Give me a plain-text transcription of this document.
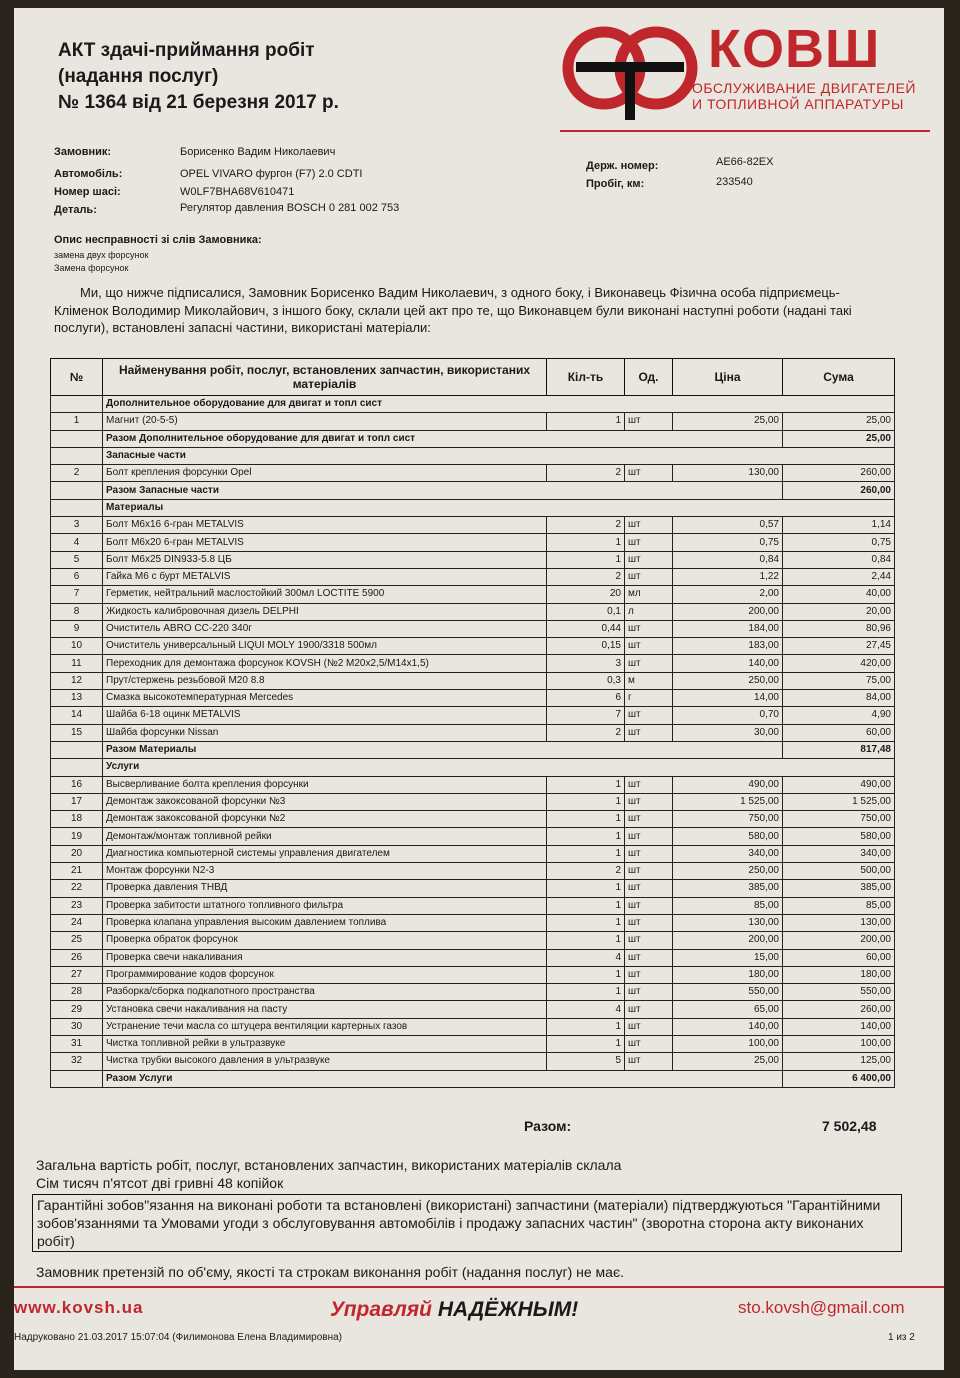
АКТ здачі-приймання робіт
(надання послуг)
№ 1364 від 21 березня 2017 р.
КОВШ
ОБСЛУЖИВАНИЕ ДВИГАТЕЛЕЙ
И ТОПЛИВНОЙ АППАРАТУРЫ
Замовник:	Борисенко Вадим Николаевич
Автомобіль:	OPEL VIVARO фургон (F7) 2.0 CDTI
Номер шасі:	W0LF7BHA68V610471
Деталь:	Регулятор давления BOSCH 0 281 002 753
Держ. номер:	AE66-82EX
Пробіг, км:	233540
Опис несправності зі слів Замовника:
замена двух форсунок
Замена форсунок
Ми, що нижче підписалися, Замовник Борисенко Вадим Николаевич, з одного боку, і Виконавець Фізична особа підприємець-Кліменок Володимир Миколайович, з іншого боку, склали цей акт про те, що Виконавцем були виконані наступні роботи (надані такі послуги), встановлені запасні частини, використані матеріали:
№	Найменування робіт, послуг, встановлених запчастин, використаних матеріалів	Кіл-ть	Од.	Ціна	Сума
	Дополнительное оборудование для двигат и топл сист				
1	Магнит (20-5-5)	1	шт	25,00	25,00
	Разом Дополнительное оборудование для двигат и топл сист				25,00
	Запасные части				
2	Болт крепления форсунки Opel	2	шт	130,00	260,00
	Разом Запасные части				260,00
	Материалы				
3	Болт M6x16 6-гран METALVIS	2	шт	0,57	1,14
4	Болт M6x20 6-гран METALVIS	1	шт	0,75	0,75
5	Болт M6x25 DIN933-5.8 ЦБ	1	шт	0,84	0,84
6	Гайка M6 с бурт METALVIS	2	шт	1,22	2,44
7	Герметик, нейтральний маслостойкий 300мл LOCTITE 5900	20	мл	2,00	40,00
8	Жидкость калибровочная дизель DELPHI	0,1	л	200,00	20,00
9	Очиститель ABRO CC-220 340г	0,44	шт	184,00	80,96
10	Очиститель универсальный LIQUI MOLY 1900/3318 500мл	0,15	шт	183,00	27,45
11	Переходник для демонтажа форсунок KOVSH (№2 M20x2,5/M14x1,5)	3	шт	140,00	420,00
12	Прут/стержень резьбовой M20 8.8	0,3	м	250,00	75,00
13	Смазка высокотемпературная Mercedes	6	г	14,00	84,00
14	Шайба 6-18 оцинк METALVIS	7	шт	0,70	4,90
15	Шайба форсунки Nissan	2	шт	30,00	60,00
	Разом Материалы				817,48
	Услуги				
16	Высверливание болта крепления форсунки	1	шт	490,00	490,00
17	Демонтаж закоксованой форсунки №3	1	шт	1 525,00	1 525,00
18	Демонтаж закоксованой форсунки №2	1	шт	750,00	750,00
19	Демонтаж/монтаж топливной рейки	1	шт	580,00	580,00
20	Диагностика компьютерной системы управления двигателем	1	шт	340,00	340,00
21	Монтаж форсунки N2-3	2	шт	250,00	500,00
22	Проверка давления ТНВД	1	шт	385,00	385,00
23	Проверка забитости штатного топливного фильтра	1	шт	85,00	85,00
24	Проверка клапана управления высоким давлением топлива	1	шт	130,00	130,00
25	Проверка обраток форсунок	1	шт	200,00	200,00
26	Проверка свечи накаливания	4	шт	15,00	60,00
27	Программирование кодов форсунок	1	шт	180,00	180,00
28	Разборка/сборка подкапотного пространства	1	шт	550,00	550,00
29	Установка свечи накаливания на пасту	4	шт	65,00	260,00
30	Устранение течи масла со штуцера вентиляции картерных газов	1	шт	140,00	140,00
31	Чистка топливной рейки в ультразвуке	1	шт	100,00	100,00
32	Чистка трубки высокого давления в ультразвуке	5	шт	25,00	125,00
	Разом Услуги				6 400,00
Разом:	7 502,48
Загальна вартість робіт, послуг, встановлених запчастин, використаних матеріалів склала
Сім тисяч п'ятсот дві гривні 48 копійок
Гарантійні зобов"язання на виконані роботи та встановлені (використані) запчастини (матеріали) підтверджуються "Гарантійними зобов'язаннями та Умовами угоди з обслуговування автомобілів і продажу запасних частин" (зворотна сторона акту виконаних робіт)
Замовник претензій по об'єму, якості та строкам виконання робіт (надання послуг) не має.
www.kovsh.ua	Управляй НАДЁЖНЫМ!	sto.kovsh@gmail.com
Надруковано 21.03.2017 15:07:04 (Филимонова Елена Владимировна)	1 из 2
